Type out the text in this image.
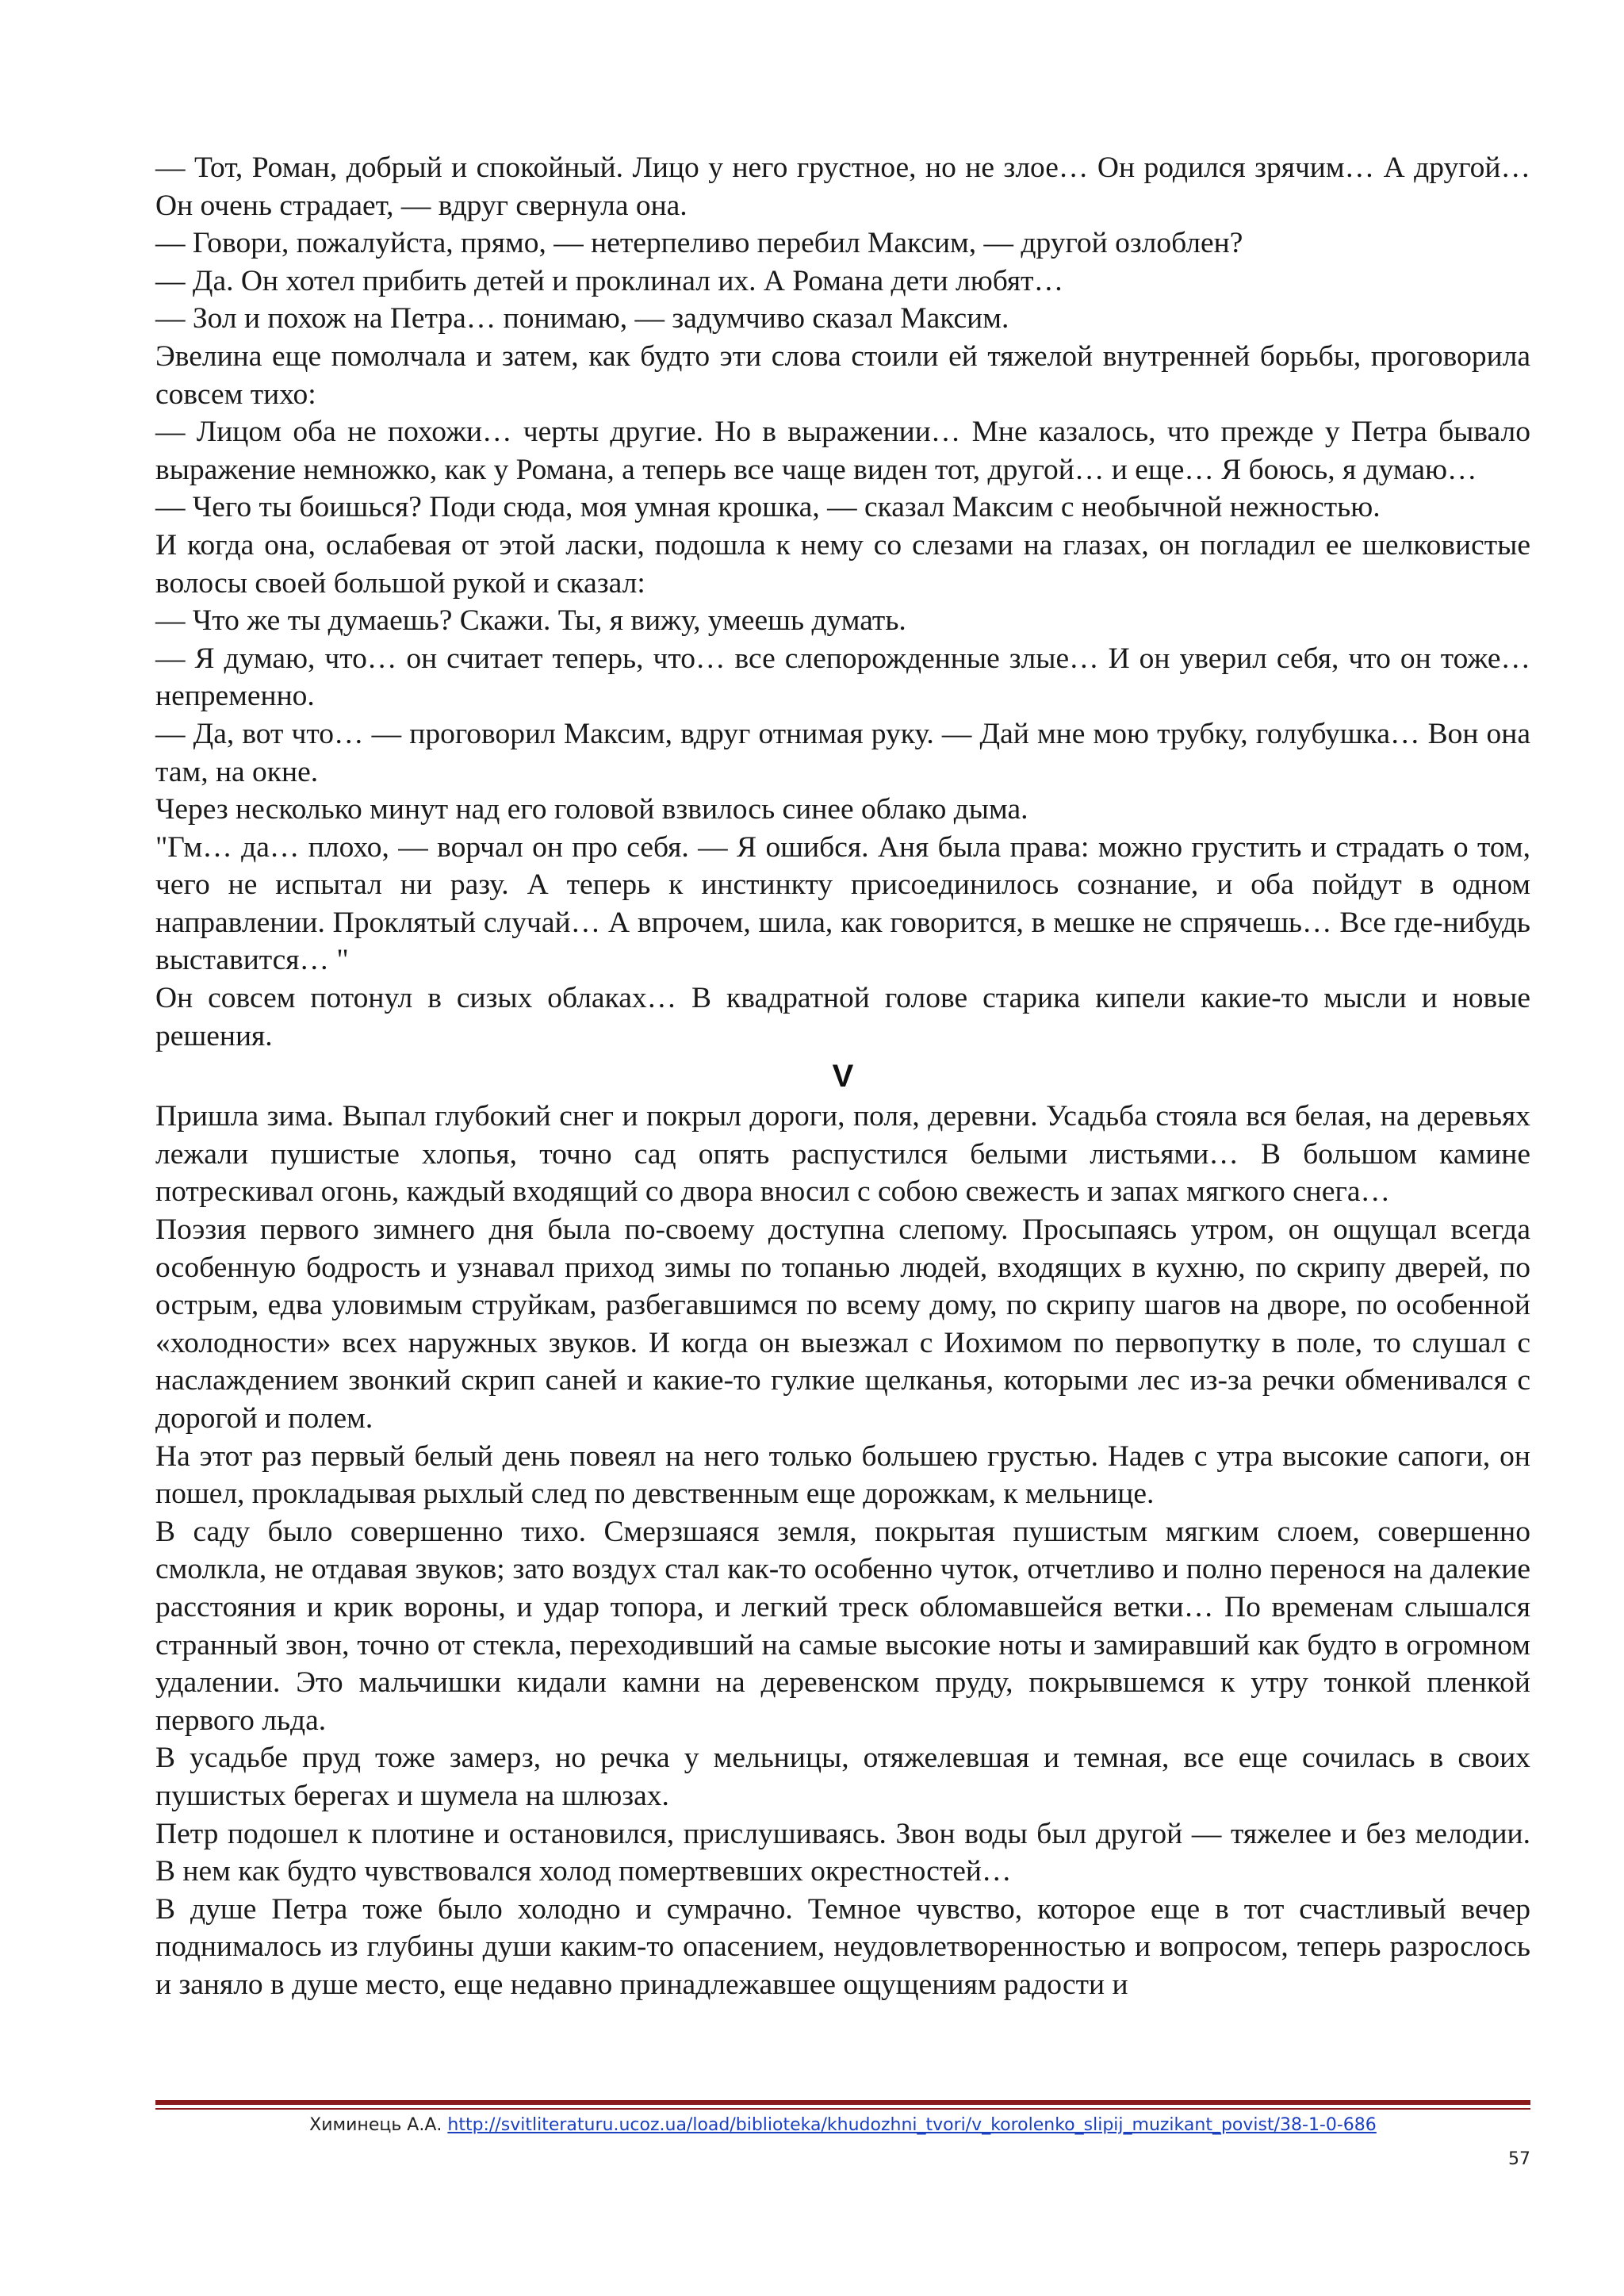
— Тот, Роман, добрый и спокойный. Лицо у него грустное, но не злое… Он родился зрячим… А другой… Он очень страдает, — вдруг свернула она.

— Говори, пожалуйста, прямо, — нетерпеливо перебил Максим, — другой озлоблен?

— Да. Он хотел прибить детей и проклинал их. А Романа дети любят…

— Зол и похож на Петра… понимаю, — задумчиво сказал Максим.

Эвелина еще помолчала и затем, как будто эти слова стоили ей тяжелой внутренней борьбы, проговорила совсем тихо:

— Лицом оба не похожи… черты другие. Но в выражении… Мне казалось, что прежде у Петра бывало выражение немножко, как у Романа, а теперь все чаще виден тот, другой… и еще… Я боюсь, я думаю…

— Чего ты боишься? Поди сюда, моя умная крошка, — сказал Максим с необычной нежностью.

И когда она, ослабевая от этой ласки, подошла к нему со слезами на глазах, он погладил ее шелковистые волосы своей большой рукой и сказал:

— Что же ты думаешь? Скажи. Ты, я вижу, умеешь думать.

— Я думаю, что… он считает теперь, что… все слепорожденные злые… И он уверил себя, что он тоже… непременно.

— Да, вот что… — проговорил Максим, вдруг отнимая руку. — Дай мне мою трубку, голубушка… Вон она там, на окне.

Через несколько минут над его головой взвилось синее облако дыма.

"Гм… да… плохо, — ворчал он про себя. — Я ошибся. Аня была права: можно грустить и страдать о том, чего не испытал ни разу. А теперь к инстинкту присоединилось сознание, и оба пойдут в одном направлении. Проклятый случай… А впрочем, шила, как говорится, в мешке не спрячешь… Все где-нибудь выставится… "

Он совсем потонул в сизых облаках… В квадратной голове старика кипели какие-то мысли и новые решения.

V

Пришла зима. Выпал глубокий снег и покрыл дороги, поля, деревни. Усадьба стояла вся белая, на деревьях лежали пушистые хлопья, точно сад опять распустился белыми листьями… В большом камине потрескивал огонь, каждый входящий со двора вносил с собою свежесть и запах мягкого снега…

Поэзия первого зимнего дня была по-своему доступна слепому. Просыпаясь утром, он ощущал всегда особенную бодрость и узнавал приход зимы по топанью людей, входящих в кухню, по скрипу дверей, по острым, едва уловимым струйкам, разбегавшимся по всему дому, по скрипу шагов на дворе, по особенной «холодности» всех наружных звуков. И когда он выезжал с Иохимом по первопутку в поле, то слушал с наслаждением звонкий скрип саней и какие-то гулкие щелканья, которыми лес из-за речки обменивался с дорогой и полем.

На этот раз первый белый день повеял на него только большею грустью. Надев с утра высокие сапоги, он пошел, прокладывая рыхлый след по девственным еще дорожкам, к мельнице.

В саду было совершенно тихо. Смерзшаяся земля, покрытая пушистым мягким слоем, совершенно смолкла, не отдавая звуков; зато воздух стал как-то особенно чуток, отчетливо и полно перенося на далекие расстояния и крик вороны, и удар топора, и легкий треск обломавшейся ветки… По временам слышался странный звон, точно от стекла, переходивший на самые высокие ноты и замиравший как будто в огромном удалении. Это мальчишки кидали камни на деревенском пруду, покрывшемся к утру тонкой пленкой первого льда.

В усадьбе пруд тоже замерз, но речка у мельницы, отяжелевшая и темная, все еще сочилась в своих пушистых берегах и шумела на шлюзах.

Петр подошел к плотине и остановился, прислушиваясь. Звон воды был другой — тяжелее и без мелодии. В нем как будто чувствовался холод помертвевших окрестностей…

В душе Петра тоже было холодно и сумрачно. Темное чувство, которое еще в тот счастливый вечер поднималось из глубины души каким-то опасением, неудовлетворенностью и вопросом, теперь разрослось и заняло в душе место, еще недавно принадлежавшее ощущениям радости и

Химинець А.А. http://svitliteraturu.ucoz.ua/load/biblioteka/khudozhni_tvori/v_korolenko_slipij_muzikant_povist/38-1-0-686
57
